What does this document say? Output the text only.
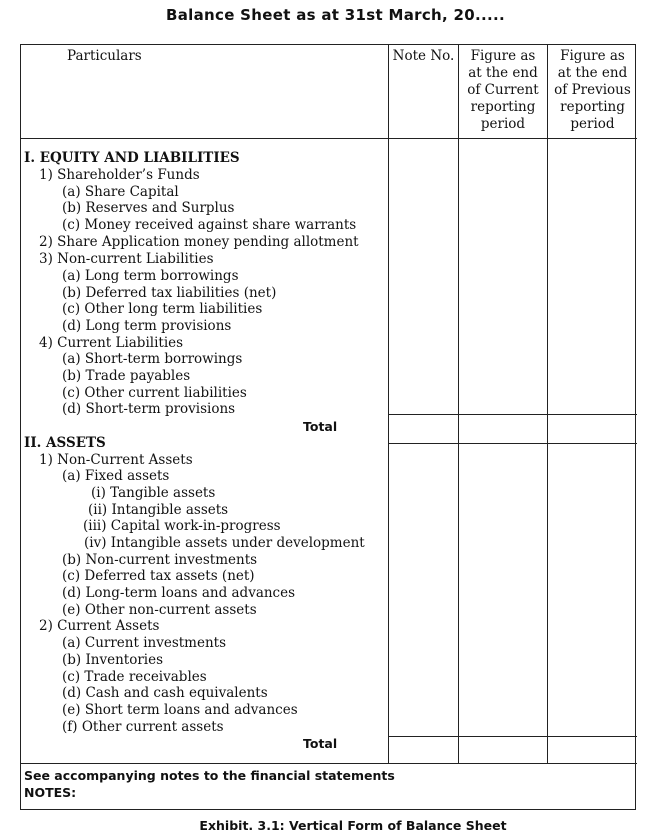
Balance Sheet as at 31st March, 20.....
Particulars	Note No.	Figure as
at the end
of Current
reporting
period
Figure as
at the end
of Previous
reporting
period
I. EQUITY AND LIABILITIES
1) Shareholder’s Funds
(a) Share Capital
(b) Reserves and Surplus
(c) Money received against share warrants
2) Share Application money pending allotment
3) Non-current Liabilities
(a) Long term borrowings
(b) Deferred tax liabilities (net)
(c) Other long term liabilities
(d) Long term provisions
4) Current Liabilities
(a) Short-term borrowings
(b) Trade payables
(c) Other current liabilities
(d) Short-term provisions
Total
II. ASSETS
1) Non-Current Assets
(a) Fixed assets
(i) Tangible assets
(ii) Intangible assets
(iii) Capital work-in-progress
(iv) Intangible assets under development
(b) Non-current investments
(c) Deferred tax assets (net)
(d) Long-term loans and advances
(e) Other non-current assets
2) Current Assets
(a) Current investments
(b) Inventories
(c) Trade receivables
(d) Cash and cash equivalents
(e) Short term loans and advances
(f) Other current assets
Total
See accompanying notes to the financial statements
NOTES:
Exhibit. 3.1: Vertical Form of Balance Sheet
